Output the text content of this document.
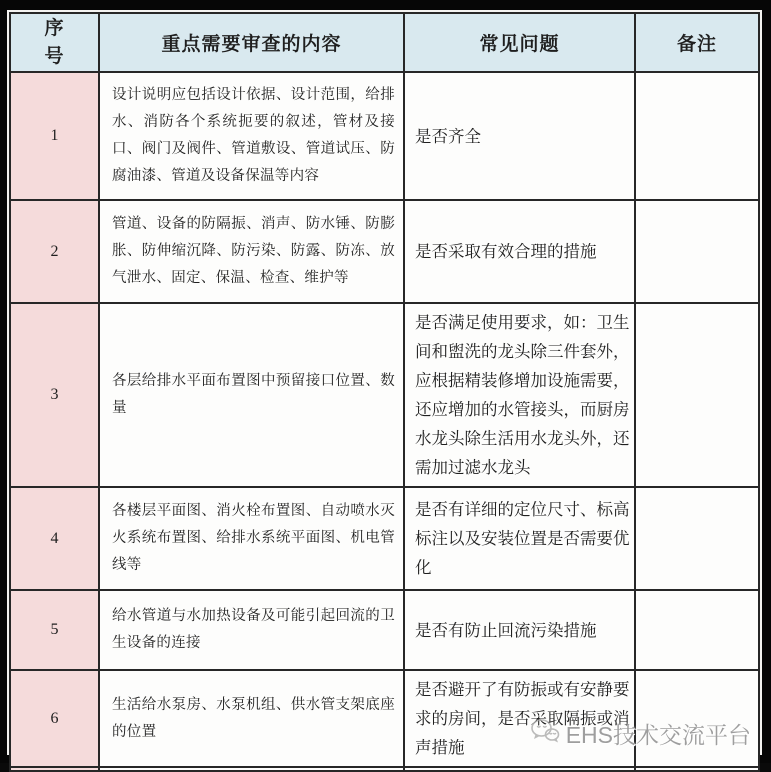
序号	重点需要审查的内容	常见问题	备注
1	设计说明应包括设计依据、设计范围，给排水、消防各个系统扼要的叙述，管材及接口、阀门及阀件、管道敷设、管道试压、防腐油漆、管道及设备保温等内容	是否齐全	
2	管道、设备的防隔振、消声、防水锤、防膨胀、防伸缩沉降、防污染、防露、防冻、放气泄水、固定、保温、检查、维护等	是否采取有效合理的措施	
3	各层给排水平面布置图中预留接口位置、数量	是否满足使用要求，如：卫生间和盥洗的龙头除三件套外，应根据精装修增加设施需要，还应增加的水管接头，而厨房水龙头除生活用水龙头外，还需加过滤水龙头	
4	各楼层平面图、消火栓布置图、自动喷水灭火系统布置图、给排水系统平面图、机电管线等	是否有详细的定位尺寸、标高标注以及安装位置是否需要优化	
5	给水管道与水加热设备及可能引起回流的卫生设备的连接	是否有防止回流污染措施	
6	生活给水泵房、水泵机组、供水管支架底座的位置	是否避开了有防振或有安静要求的房间，是否采取隔振或消声措施	
				EHS技术交流平台
